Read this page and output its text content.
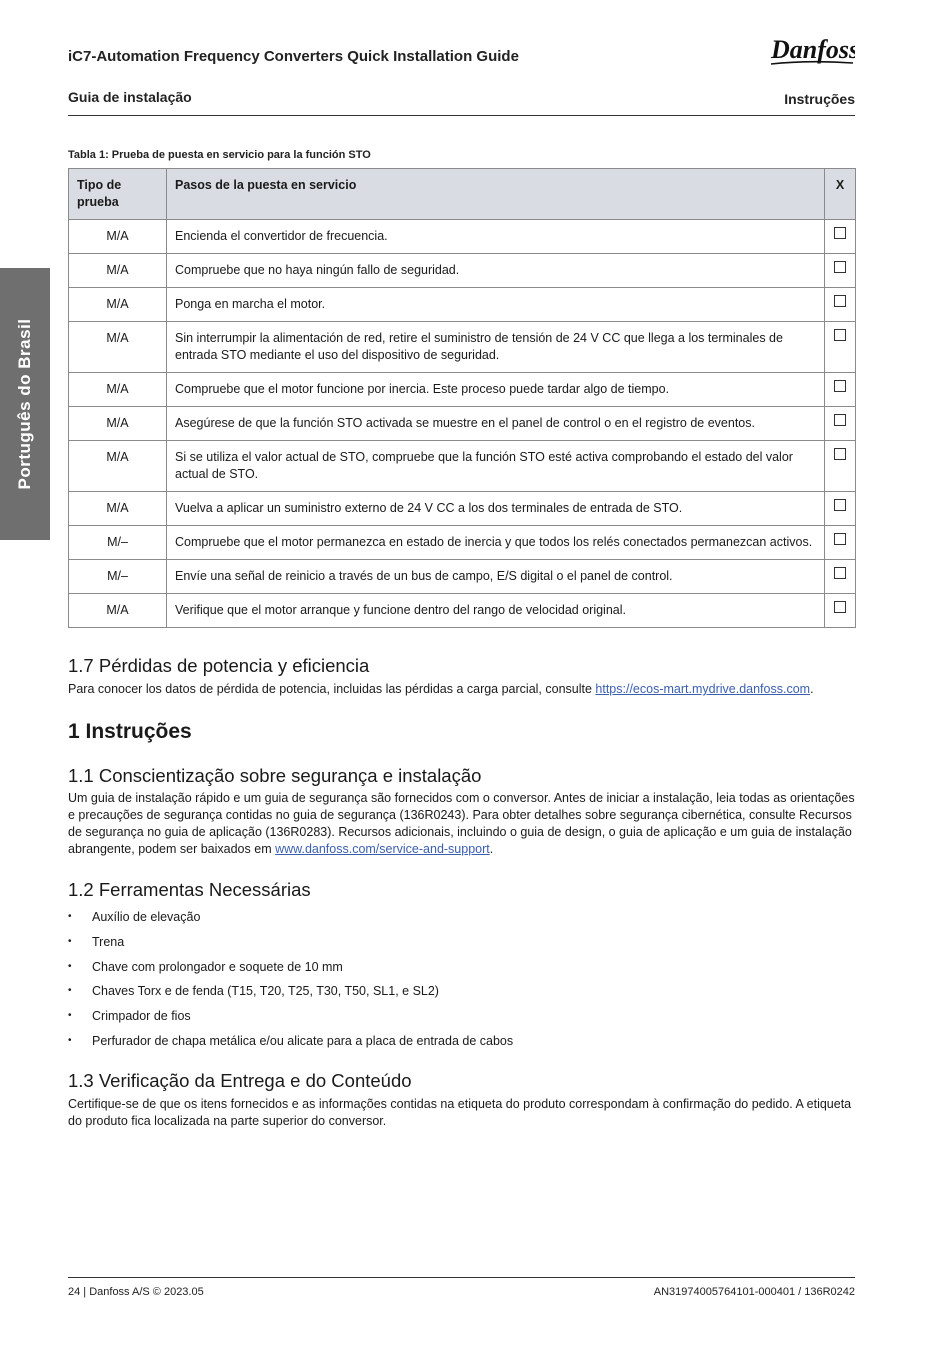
iC7-Automation Frequency Converters Quick Installation Guide	Danfoss
Guia de instalação	Instruções
Português do Brasil
Tabla 1: Prueba de puesta en servicio para la función STO
Tipo de prueba	Pasos de la puesta en servicio	X
M/A	Encienda el convertidor de frecuencia.	
M/A	Compruebe que no haya ningún fallo de seguridad.	
M/A	Ponga en marcha el motor.	
M/A	Sin interrumpir la alimentación de red, retire el suministro de tensión de 24 V CC que llega a los terminales de entrada STO mediante el uso del dispositivo de seguridad.	
M/A	Compruebe que el motor funcione por inercia. Este proceso puede tardar algo de tiempo.	
M/A	Asegúrese de que la función STO activada se muestre en el panel de control o en el registro de eventos.	
M/A	Si se utiliza el valor actual de STO, compruebe que la función STO esté activa comprobando el estado del valor actual de STO.	
M/A	Vuelva a aplicar un suministro externo de 24 V CC a los dos terminales de entrada de STO.	
M/–	Compruebe que el motor permanezca en estado de inercia y que todos los relés conectados permanezcan activos.	
M/–	Envíe una señal de reinicio a través de un bus de campo, E/S digital o el panel de control.	
M/A	Verifique que el motor arranque y funcione dentro del rango de velocidad original.	
1.7 Pérdidas de potencia y eficiencia

Para conocer los datos de pérdida de potencia, incluidas las pérdidas a carga parcial, consulte https://ecos-mart.mydrive.danfoss.com.

1 Instruções
1.1 Conscientização sobre segurança e instalação

Um guia de instalação rápido e um guia de segurança são fornecidos com o conversor. Antes de iniciar a instalação, leia todas as orientações e precauções de segurança contidas no guia de segurança (136R0243). Para obter detalhes sobre segurança cibernética, consulte Recursos de segurança no guia de aplicação (136R0283). Recursos adicionais, incluindo o guia de design, o guia de aplicação e um guia de instalação abrangente, podem ser baixados em www.danfoss.com/service-and-support.

1.2 Ferramentas Necessárias
• Auxílio de elevação
• Trena
• Chave com prolongador e soquete de 10 mm
• Chaves Torx e de fenda (T15, T20, T25, T30, T50, SL1, e SL2)
• Crimpador de fios
• Perfurador de chapa metálica e/ou alicate para a placa de entrada de cabos
1.3 Verificação da Entrega e do Conteúdo

Certifique-se de que os itens fornecidos e as informações contidas na etiqueta do produto correspondam à confirmação do pedido. A etiqueta do produto fica localizada na parte superior do conversor.

24 | Danfoss A/S © 2023.05	AN31974005764101-000401 / 136R0242
